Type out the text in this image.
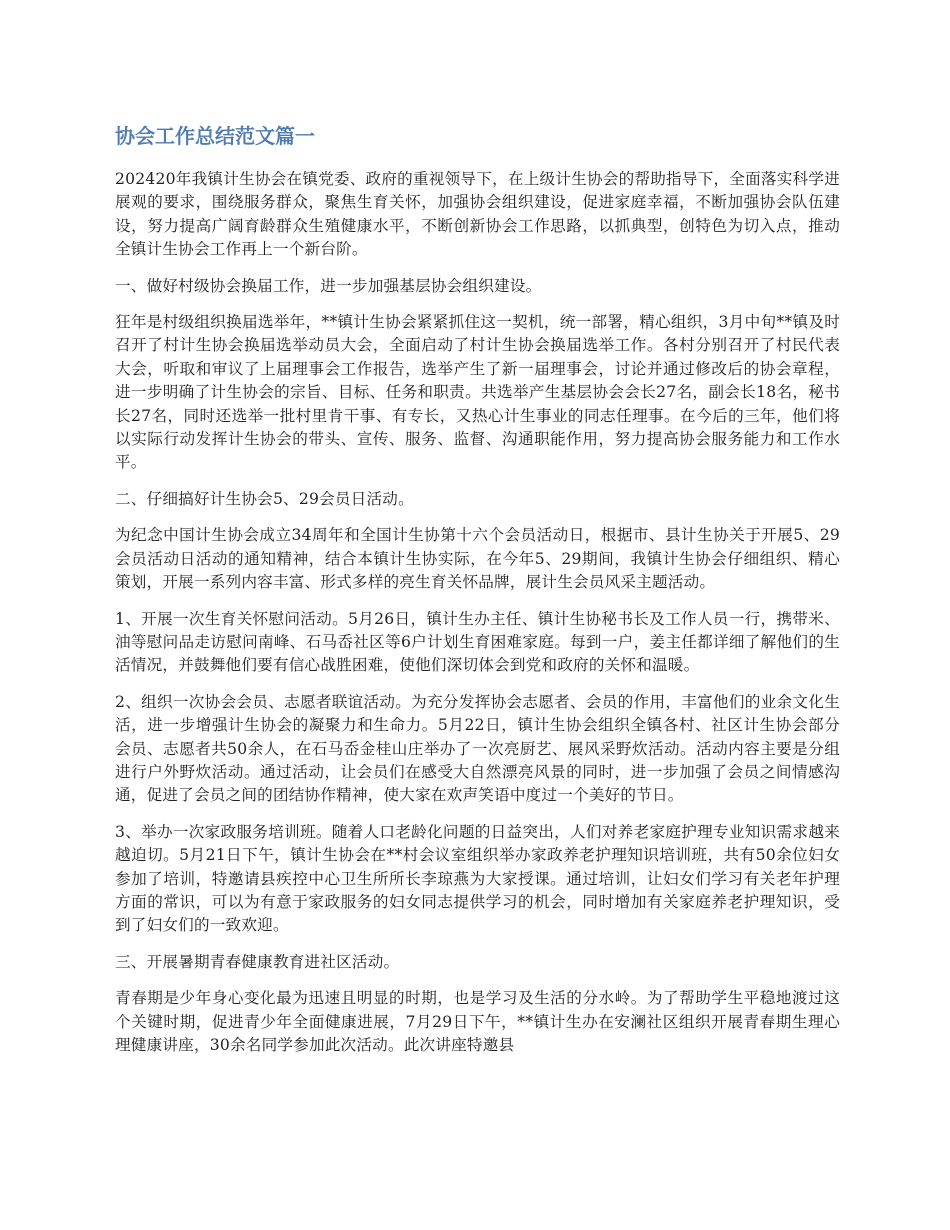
协会工作总结范文篇一

202420年我镇计生协会在镇党委、政府的重视领导下，在上级计生协会的帮助指导下，全面落实科学进展观的要求，围绕服务群众，聚焦生育关怀，加强协会组织建设，促进家庭幸福，不断加强协会队伍建设，努力提高广阔育龄群众生殖健康水平，不断创新协会工作思路，以抓典型，创特色为切入点，推动全镇计生协会工作再上一个新台阶。

一、做好村级协会换届工作，进一步加强基层协会组织建设。

狂年是村级组织换届选举年，**镇计生协会紧紧抓住这一契机，统一部署，精心组织，3月中旬**镇及时召开了村计生协会换届选举动员大会，全面启动了村计生协会换届选举工作。各村分别召开了村民代表大会，听取和审议了上届理事会工作报告，选举产生了新一届理事会，讨论并通过修改后的协会章程，进一步明确了计生协会的宗旨、目标、任务和职责。共选举产生基层协会会长27名，副会长18名，秘书长27名，同时还选举一批村里肯干事、有专长，又热心计生事业的同志任理事。在今后的三年，他们将以实际行动发挥计生协会的带头、宣传、服务、监督、沟通职能作用，努力提高协会服务能力和工作水平。

二、仔细搞好计生协会5、29会员日活动。

为纪念中国计生协会成立34周年和全国计生协第十六个会员活动日，根据市、县计生协关于开展5、29会员活动日活动的通知精神，结合本镇计生协实际，在今年5、29期间，我镇计生协会仔细组织、精心策划，开展一系列内容丰富、形式多样的亮生育关怀品牌，展计生会员风采主题活动。

1、开展一次生育关怀慰问活动。5月26日，镇计生办主任、镇计生协秘书长及工作人员一行，携带米、油等慰问品走访慰问南峰、石马岙社区等6户计划生育困难家庭。每到一户，姜主任都详细了解他们的生活情况，并鼓舞他们要有信心战胜困难，使他们深切体会到党和政府的关怀和温暖。

2、组织一次协会会员、志愿者联谊活动。为充分发挥协会志愿者、会员的作用，丰富他们的业余文化生活，进一步增强计生协会的凝聚力和生命力。5月22日，镇计生协会组织全镇各村、社区计生协会部分会员、志愿者共50余人，在石马岙金桂山庄举办了一次亮厨艺、展风采野炊活动。活动内容主要是分组进行户外野炊活动。通过活动，让会员们在感受大自然漂亮风景的同时，进一步加强了会员之间情感沟通，促进了会员之间的团结协作精神，使大家在欢声笑语中度过一个美好的节日。

3、举办一次家政服务培训班。随着人口老龄化问题的日益突出，人们对养老家庭护理专业知识需求越来越迫切。5月21日下午，镇计生协会在**村会议室组织举办家政养老护理知识培训班，共有50余位妇女参加了培训，特邀请县疾控中心卫生所所长李琼燕为大家授课。通过培训，让妇女们学习有关老年护理方面的常识，可以为有意于家政服务的妇女同志提供学习的机会，同时增加有关家庭养老护理知识，受到了妇女们的一致欢迎。

三、开展暑期青春健康教育进社区活动。

青春期是少年身心变化最为迅速且明显的时期，也是学习及生活的分水岭。为了帮助学生平稳地渡过这个关键时期，促进青少年全面健康进展，7月29日下午，**镇计生办在安澜社区组织开展青春期生理心理健康讲座，30余名同学参加此次活动。此次讲座特邀县
